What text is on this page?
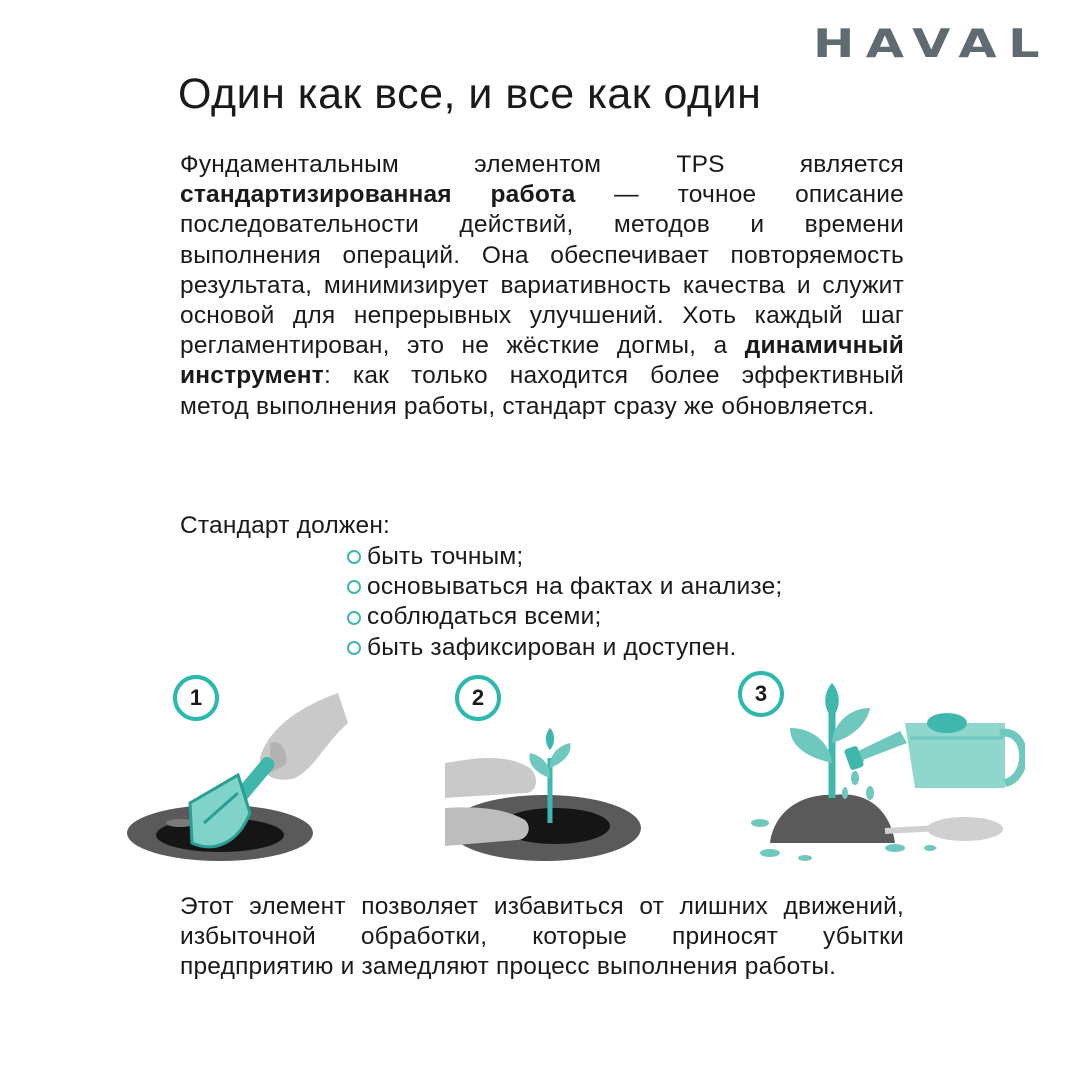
HAVAL
Один как все, и все как один

Фундаментальным элементом TPS является стандартизированная работа — точное описание последовательности действий, методов и времени выполнения операций. Она обеспечивает повторяемость результата, минимизирует вариативность качества и служит основой для непрерывных улучшений. Хоть каждый шаг регламентирован, это не жёсткие догмы, а динамичный инструмент: как только находится более эффективный метод выполнения работы, стандарт сразу же обновляется.

Стандарт должен:

быть точным;
основываться на фактах и анализе;
соблюдаться всеми;
быть зафиксирован и доступен.
1	2	3

Этот элемент позволяет избавиться от лишних движений, избыточной обработки, которые приносят убытки предприятию и замедляют процесс выполнения работы.
